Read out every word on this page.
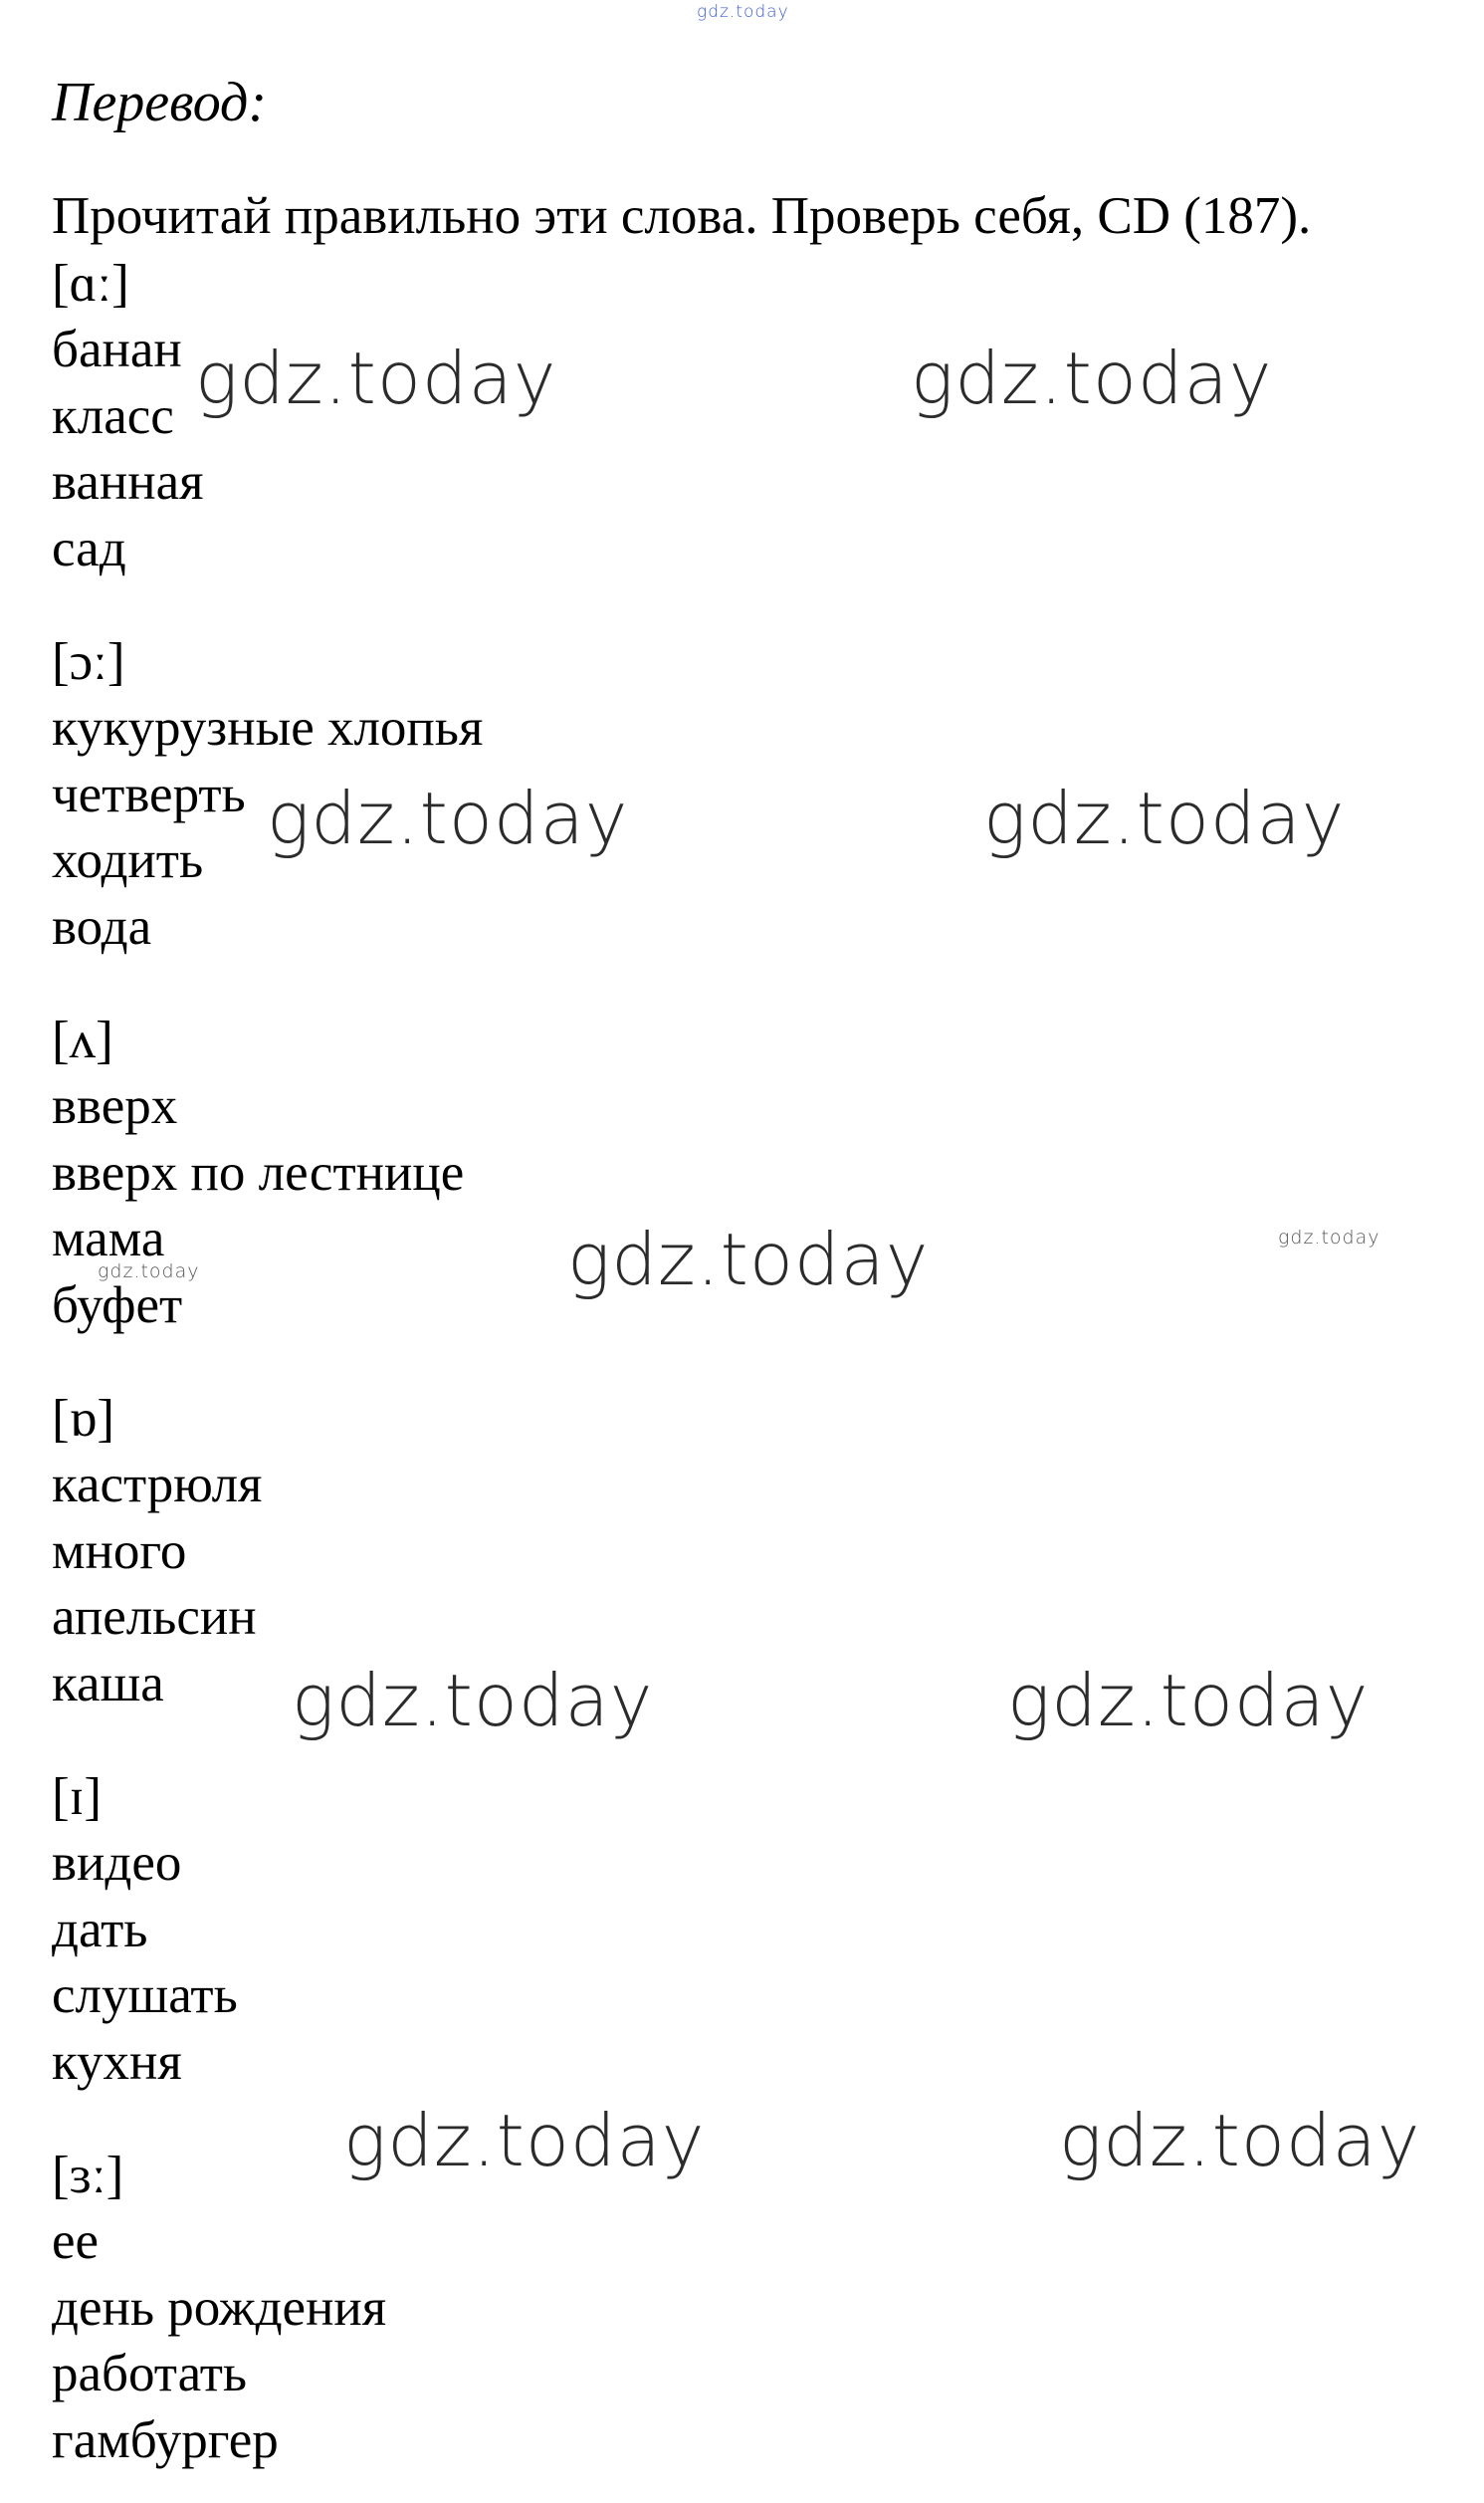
gdz.today
Перевод:
Прочитай правильно эти слова. Проверь себя, CD (187).
[ɑː]
банан
класс
ванная
сад
[ɔː]
кукурузные хлопья
четверть
ходить
вода
[ʌ]
вверх
вверх по лестнице
мама
буфет
[ɒ]
кастрюля
много
апельсин
каша
[ɪ]
видео
дать
слушать
кухня
[ɜː]
ее
день рождения
работать
гамбургер
gdz.today	gdz.today
gdz.today	gdz.today
gdz.today
gdz.today	gdz.today
gdz.today	gdz.today
gdz.today
gdz.today
